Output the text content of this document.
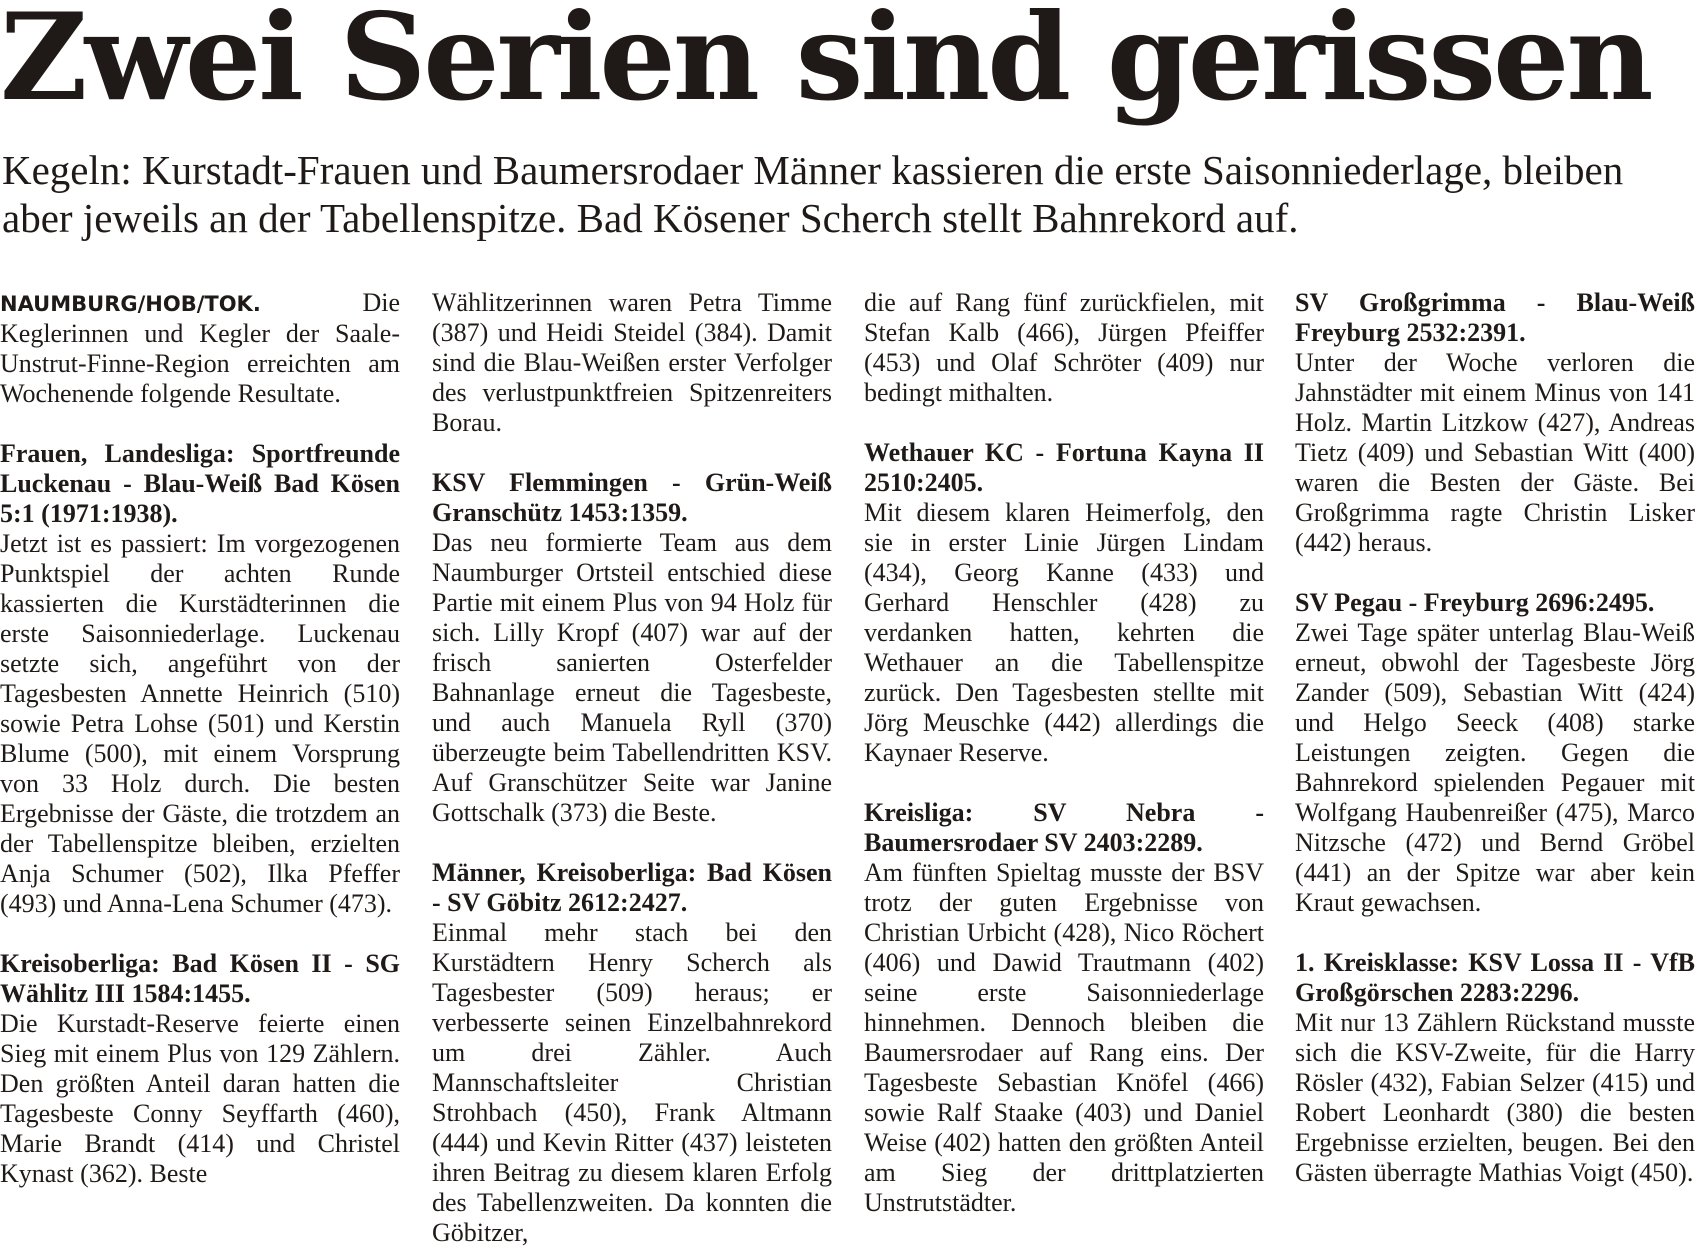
Zwei Serien sind gerissen

Kegeln: Kurstadt-Frauen und Baumersrodaer Männer kassieren die erste Saisonniederlage, bleiben aber jeweils an der Tabellenspitze. Bad Kösener Scherch stellt Bahnrekord auf.

NAUMBURG/HOB/TOK.	Die Keglerinnen und Kegler der Saale-Unstrut-Finne-Region erreichten am Wochenende folgende Resultate.

Frauen, Landesliga: Sportfreunde Luckenau - Blau-Weiß Bad Kösen 5:1 (1971:1938).

Jetzt ist es passiert: Im vorgezogenen Punktspiel der achten Runde kassierten die Kurstädterinnen die erste Saisonniederlage. Luckenau setzte sich, angeführt von der Tagesbesten Annette Heinrich (510) sowie Petra Lohse (501) und Kerstin Blume (500), mit einem Vorsprung von 33 Holz durch. Die besten Ergebnisse der Gäste, die trotzdem an der Tabellenspitze bleiben, erzielten Anja Schumer (502), Ilka Pfeffer (493) und Anna-Lena Schumer (473).

Kreisoberliga: Bad Kösen II - SG Wählitz III 1584:1455.

Die Kurstadt-Reserve feierte einen Sieg mit einem Plus von 129 Zählern. Den größten Anteil daran hatten die Tagesbeste Conny Seyffarth (460), Marie Brandt (414) und Christel Kynast (362). Beste

Wählitzerinnen waren Petra Timme (387) und Heidi Steidel (384). Damit sind die Blau-Weißen erster Verfolger des verlustpunktfreien Spitzenreiters Borau.

KSV Flemmingen - Grün-Weiß Granschütz 1453:1359.

Das neu formierte Team aus dem Naumburger Ortsteil entschied diese Partie mit einem Plus von 94 Holz für sich. Lilly Kropf (407) war auf der frisch sanierten Osterfelder Bahnanlage erneut die Tagesbeste, und auch Manuela Ryll (370) überzeugte beim Tabellendritten KSV. Auf Granschützer Seite war Janine Gottschalk (373) die Beste.

Männer, Kreisoberliga: Bad Kösen - SV Göbitz 2612:2427.

Einmal mehr stach bei den Kurstädtern Henry Scherch als Tagesbester (509) heraus; er verbesserte seinen Einzelbahnrekord um drei Zähler. Auch Mannschaftsleiter Christian Strohbach (450), Frank Altmann (444) und Kevin Ritter (437) leisteten ihren Beitrag zu diesem klaren Erfolg des Tabellenzweiten. Da konnten die Göbitzer,

die auf Rang fünf zurückfielen, mit Stefan Kalb (466), Jürgen Pfeiffer (453) und Olaf Schröter (409) nur bedingt mithalten.

Wethauer KC - Fortuna Kayna II 2510:2405.

Mit diesem klaren Heimerfolg, den sie in erster Linie Jürgen Lindam (434), Georg Kanne (433) und Gerhard Henschler (428) zu verdanken hatten, kehrten die Wethauer an die Tabellenspitze zurück. Den Tagesbesten stellte mit Jörg Meuschke (442) allerdings die Kaynaer Reserve.

Kreisliga: SV Nebra - Baumersrodaer SV 2403:2289.

Am fünften Spieltag musste der BSV trotz der guten Ergebnisse von Christian Urbicht (428), Nico Röchert (406) und Dawid Trautmann (402) seine erste Saisonniederlage hinnehmen. Dennoch bleiben die Baumersrodaer auf Rang eins. Der Tagesbeste Sebastian Knöfel (466) sowie Ralf Staake (403) und Daniel Weise (402) hatten den größten Anteil am Sieg der drittplatzierten Unstrutstädter.

SV Großgrimma - Blau-Weiß Freyburg 2532:2391.

Unter der Woche verloren die Jahnstädter mit einem Minus von 141 Holz. Martin Litzkow (427), Andreas Tietz (409) und Sebastian Witt (400) waren die Besten der Gäste. Bei Großgrimma ragte Christin Lisker (442) heraus.

SV Pegau - Freyburg 2696:2495.

Zwei Tage später unterlag Blau-Weiß erneut, obwohl der Tagesbeste Jörg Zander (509), Sebastian Witt (424) und Helgo Seeck (408) starke Leistungen zeigten. Gegen die Bahnrekord spielenden Pegauer mit Wolfgang Haubenreißer (475), Marco Nitzsche (472) und Bernd Gröbel (441) an der Spitze war aber kein Kraut gewachsen.

1. Kreisklasse: KSV Lossa II - VfB Großgörschen 2283:2296.

Mit nur 13 Zählern Rückstand musste sich die KSV-Zweite, für die Harry Rösler (432), Fabian Selzer (415) und Robert Leonhardt (380) die besten Ergebnisse erzielten, beugen. Bei den Gästen überragte Mathias Voigt (450).
